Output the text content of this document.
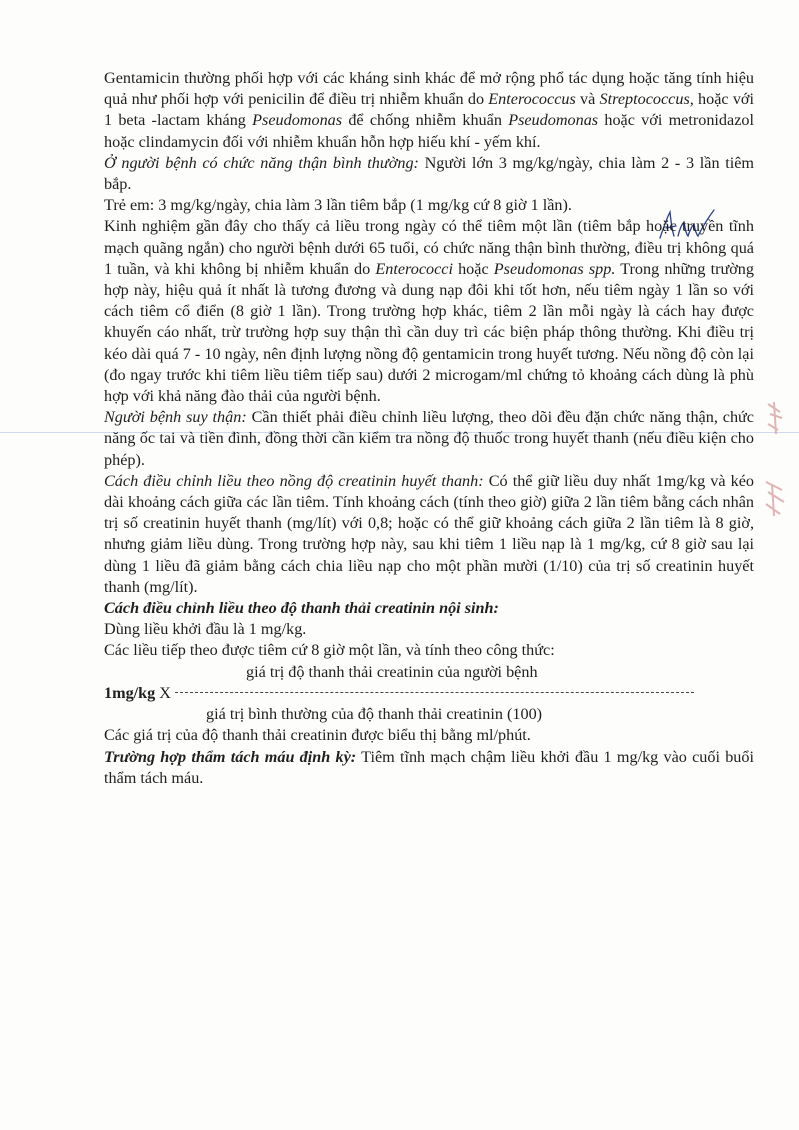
Gentamicin thường phối hợp với các kháng sinh khác để mở rộng phổ tác dụng hoặc tăng tính hiệu quả như phối hợp với penicilin để điều trị nhiễm khuẩn do Enterococcus và Streptococcus, hoặc với 1 beta -lactam kháng Pseudomonas để chống nhiễm khuẩn Pseudomonas hoặc với metronidazol hoặc clindamycin đối với nhiễm khuẩn hỗn hợp hiếu khí - yếm khí.

Ở người bệnh có chức năng thận bình thường: Người lớn 3 mg/kg/ngày, chia làm 2 - 3 lần tiêm bắp.

Trẻ em: 3 mg/kg/ngày, chia làm 3 lần tiêm bắp (1 mg/kg cứ 8 giờ 1 lần).

Kinh nghiệm gần đây cho thấy cả liều trong ngày có thể tiêm một lần (tiêm bắp hoặc truyền tĩnh mạch quãng ngắn) cho người bệnh dưới 65 tuổi, có chức năng thận bình thường, điều trị không quá 1 tuần, và khi không bị nhiễm khuẩn do Enterococci hoặc Pseudomonas spp. Trong những trường hợp này, hiệu quả ít nhất là tương đương và dung nạp đôi khi tốt hơn, nếu tiêm ngày 1 lần so với cách tiêm cổ điển (8 giờ 1 lần). Trong trường hợp khác, tiêm 2 lần mỗi ngày là cách hay được khuyến cáo nhất, trừ trường hợp suy thận thì cần duy trì các biện pháp thông thường. Khi điều trị kéo dài quá 7 - 10 ngày, nên định lượng nồng độ gentamicin trong huyết tương. Nếu nồng độ còn lại (đo ngay trước khi tiêm liều tiêm tiếp sau) dưới 2 microgam/ml chứng tỏ khoảng cách dùng là phù hợp với khả năng đào thải của người bệnh.

Người bệnh suy thận: Cần thiết phải điều chỉnh liều lượng, theo dõi đều đặn chức năng thận, chức năng ốc tai và tiền đình, đồng thời cần kiểm tra nồng độ thuốc trong huyết thanh (nếu điều kiện cho phép).

Cách điều chỉnh liều theo nồng độ creatinin huyết thanh: Có thể giữ liều duy nhất 1mg/kg và kéo dài khoảng cách giữa các lần tiêm. Tính khoảng cách (tính theo giờ) giữa 2 lần tiêm bằng cách nhân trị số creatinin huyết thanh (mg/lít) với 0,8; hoặc có thể giữ khoảng cách giữa 2 lần tiêm là 8 giờ, nhưng giảm liều dùng. Trong trường hợp này, sau khi tiêm 1 liều nạp là 1 mg/kg, cứ 8 giờ sau lại dùng 1 liều đã giảm bằng cách chia liều nạp cho một phần mười (1/10) của trị số creatinin huyết thanh (mg/lít).

Cách điều chỉnh liều theo độ thanh thải creatinin nội sinh:

Dùng liều khởi đầu là 1 mg/kg.

Các liều tiếp theo được tiêm cứ 8 giờ một lần, và tính theo công thức:

giá trị độ thanh thải creatinin của người bệnh

1mg/kg X

giá trị bình thường của độ thanh thải creatinin (100)

Các giá trị của độ thanh thải creatinin được biểu thị bằng ml/phút.

Trường hợp thẩm tách máu định kỳ: Tiêm tĩnh mạch chậm liều khởi đầu 1 mg/kg vào cuối buổi thẩm tách máu.
